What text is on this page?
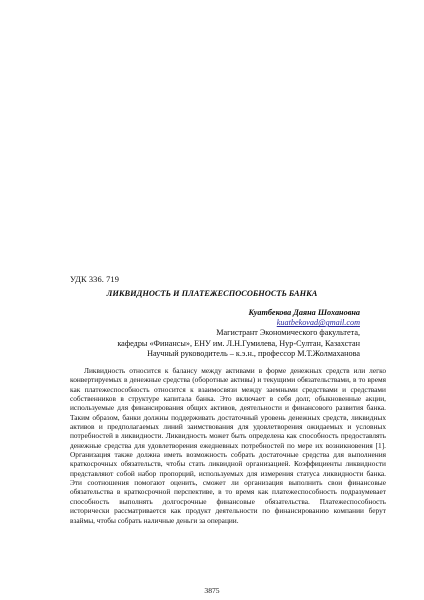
УДК 336. 719
ЛИКВИДНОСТЬ И ПЛАТЕЖЕСПОСОБНОСТЬ БАНКА
Куатбекова Даяна Шохановна
kuatbekovad@gmail.com
Магистрант Экономического факультета,
кафедры «Финансы», ЕНУ им. Л.Н.Гумилева, Нур-Султан, Казахстан
Научный руководитель – к.э.н., профессор М.Т.Жолмаханова

Ликвидность относится к балансу между активами в форме денежных средств или легко конвертируемых в денежные средства (оборотные активы) и текущими обязательствами, в то время как платежеспособность относится к взаимосвязи между заемными средствами и средствами собственников в структуре капитала банка. Это включает в себя долг, обыкновенные акции, используемые для финансирования общих активов, деятельности и финансового развития банка. Таким образом, банки должны поддерживать достаточный уровень денежных средств, ликвидных активов и предполагаемых линий заимствования для удовлетворения ожидаемых и условных потребностей в ликвидности. Ликвидность может быть определена как способность предоставлять денежные средства для удовлетворения ежедневных потребностей по мере их возникновения [1]. Организация также должна иметь возможность собрать достаточные средства для выполнения краткосрочных обязательств, чтобы стать ликвидной организацией. Коэффициенты ликвидности представляют собой набор пропорций, используемых для измерения статуса ликвидности банка. Эти соотношения помогают оценить, сможет ли организация выполнить свои финансовые обязательства в краткосрочной перспективе, в то время как платежеспособность подразумевает способность выполнять долгосрочные финансовые обязательства. Платежеспособность исторически рассматривается как продукт деятельности по финансированию компании берут взаймы, чтобы собрать наличные деньги за операции.

3875
